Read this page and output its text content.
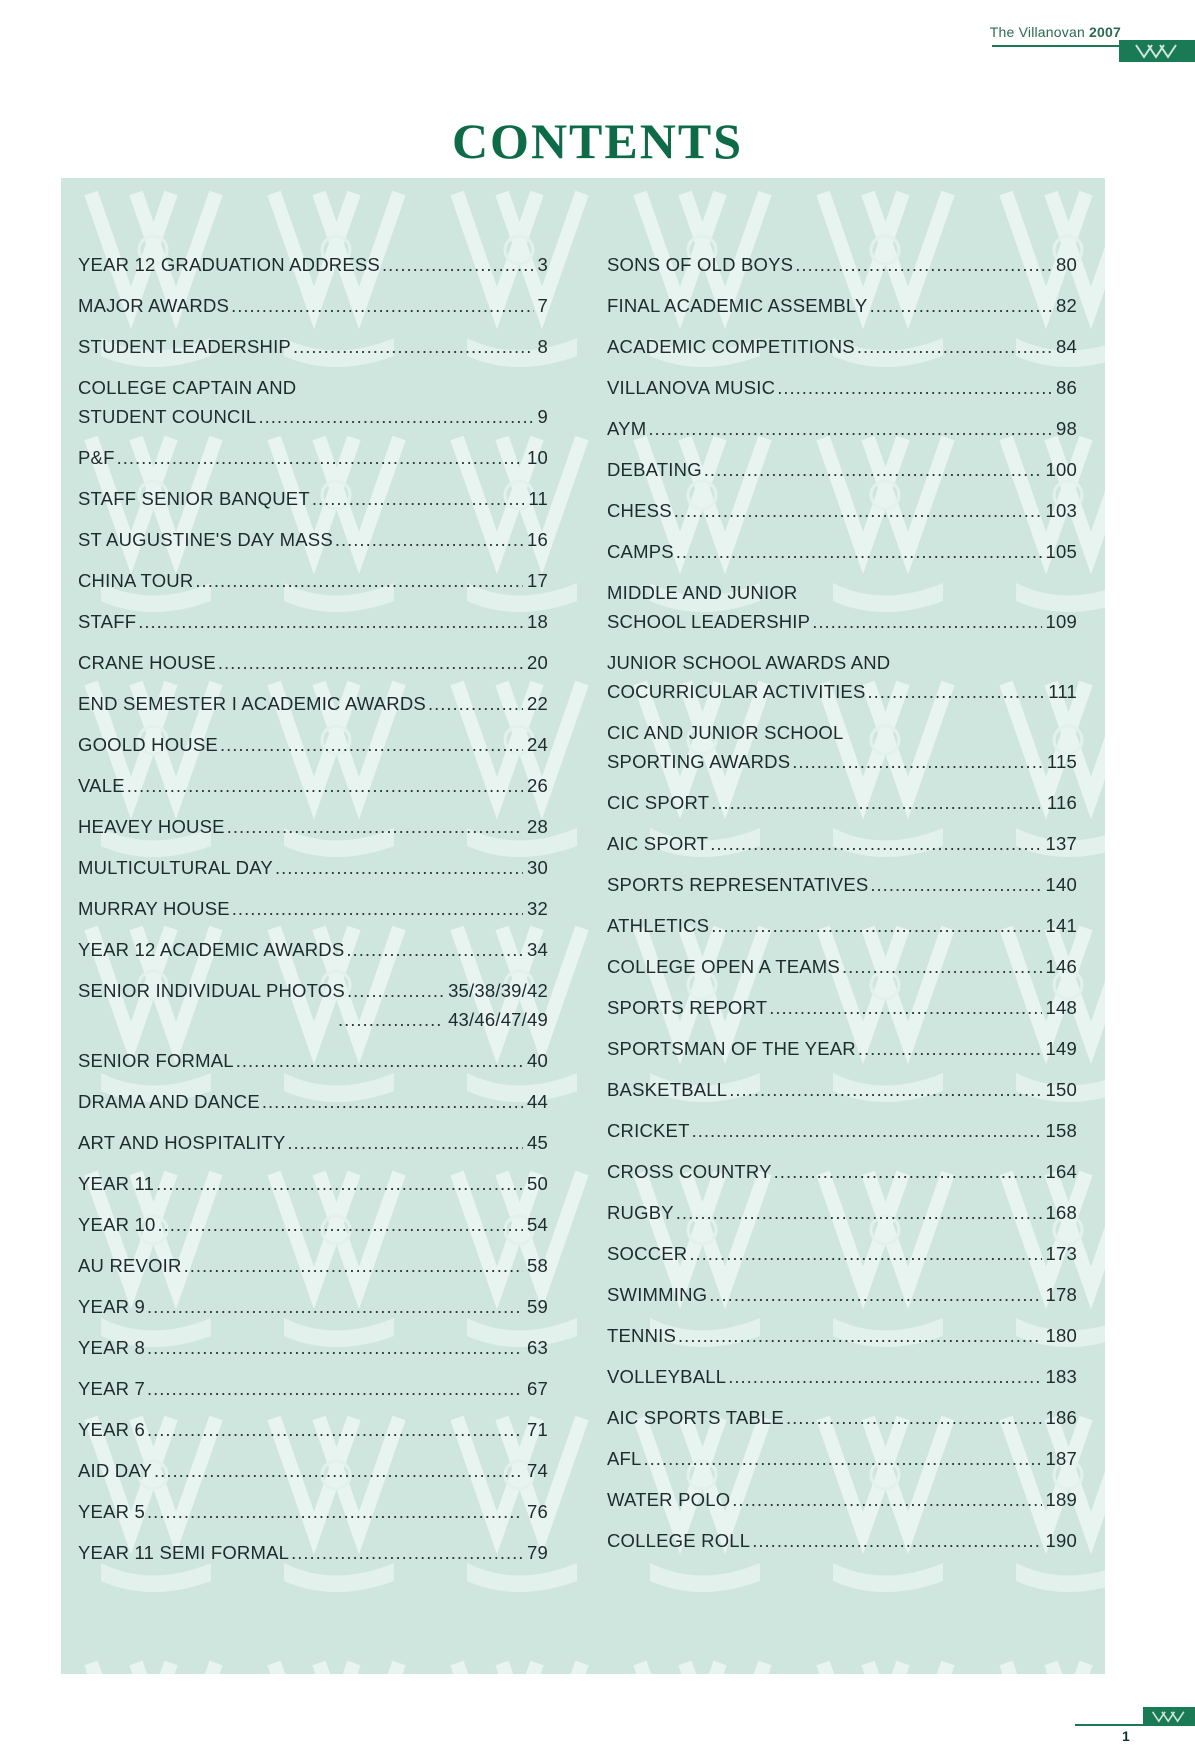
The Villanovan 2007
CONTENTS
YEAR 12 GRADUATION ADDRESS .....	3
MAJOR AWARDS .....	7
STUDENT LEADERSHIP .....	8
COLLEGE CAPTAIN AND
STUDENT COUNCIL .....	9
P&F .....	10
STAFF SENIOR BANQUET .....	11
ST AUGUSTINE'S DAY MASS .....	16
CHINA TOUR .....	17
STAFF .....	18
CRANE HOUSE .....	20
END SEMESTER I ACADEMIC AWARDS .....	22
GOOLD HOUSE .....	24
VALE .....	26
HEAVEY HOUSE .....	28
MULTICULTURAL DAY .....	30
MURRAY HOUSE .....	32
YEAR 12 ACADEMIC AWARDS .....	34
SENIOR INDIVIDUAL PHOTOS .....	35/38/39/42
.....
43/46/47/49
SENIOR FORMAL .....	40
DRAMA AND DANCE .....	44
ART AND HOSPITALITY .....	45
YEAR 11 .....	50
YEAR 10 .....	54
AU REVOIR .....	58
YEAR 9 .....	59
YEAR 8 .....	63
YEAR 7 .....	67
YEAR 6 .....	71
AID DAY .....	74
YEAR 5 .....	76
YEAR 11 SEMI FORMAL .....	79
SONS OF OLD BOYS .....	80
FINAL ACADEMIC ASSEMBLY .....	82
ACADEMIC COMPETITIONS .....	84
VILLANOVA MUSIC .....	86
AYM .....	98
DEBATING .....	100
CHESS .....	103
CAMPS .....	105
MIDDLE AND JUNIOR
SCHOOL LEADERSHIP .....	109
JUNIOR SCHOOL AWARDS AND
COCURRICULAR ACTIVITIES .....	111
CIC AND JUNIOR SCHOOL
SPORTING AWARDS .....	115
CIC SPORT .....	116
AIC SPORT .....	137
SPORTS REPRESENTATIVES .....	140
ATHLETICS .....	141
COLLEGE OPEN A TEAMS .....	146
SPORTS REPORT .....	148
SPORTSMAN OF THE YEAR .....	149
BASKETBALL .....	150
CRICKET .....	158
CROSS COUNTRY .....	164
RUGBY .....	168
SOCCER .....	173
SWIMMING .....	178
TENNIS .....	180
VOLLEYBALL .....	183
AIC SPORTS TABLE .....	186
AFL .....	187
WATER POLO .....	189
COLLEGE ROLL .....	190
1
